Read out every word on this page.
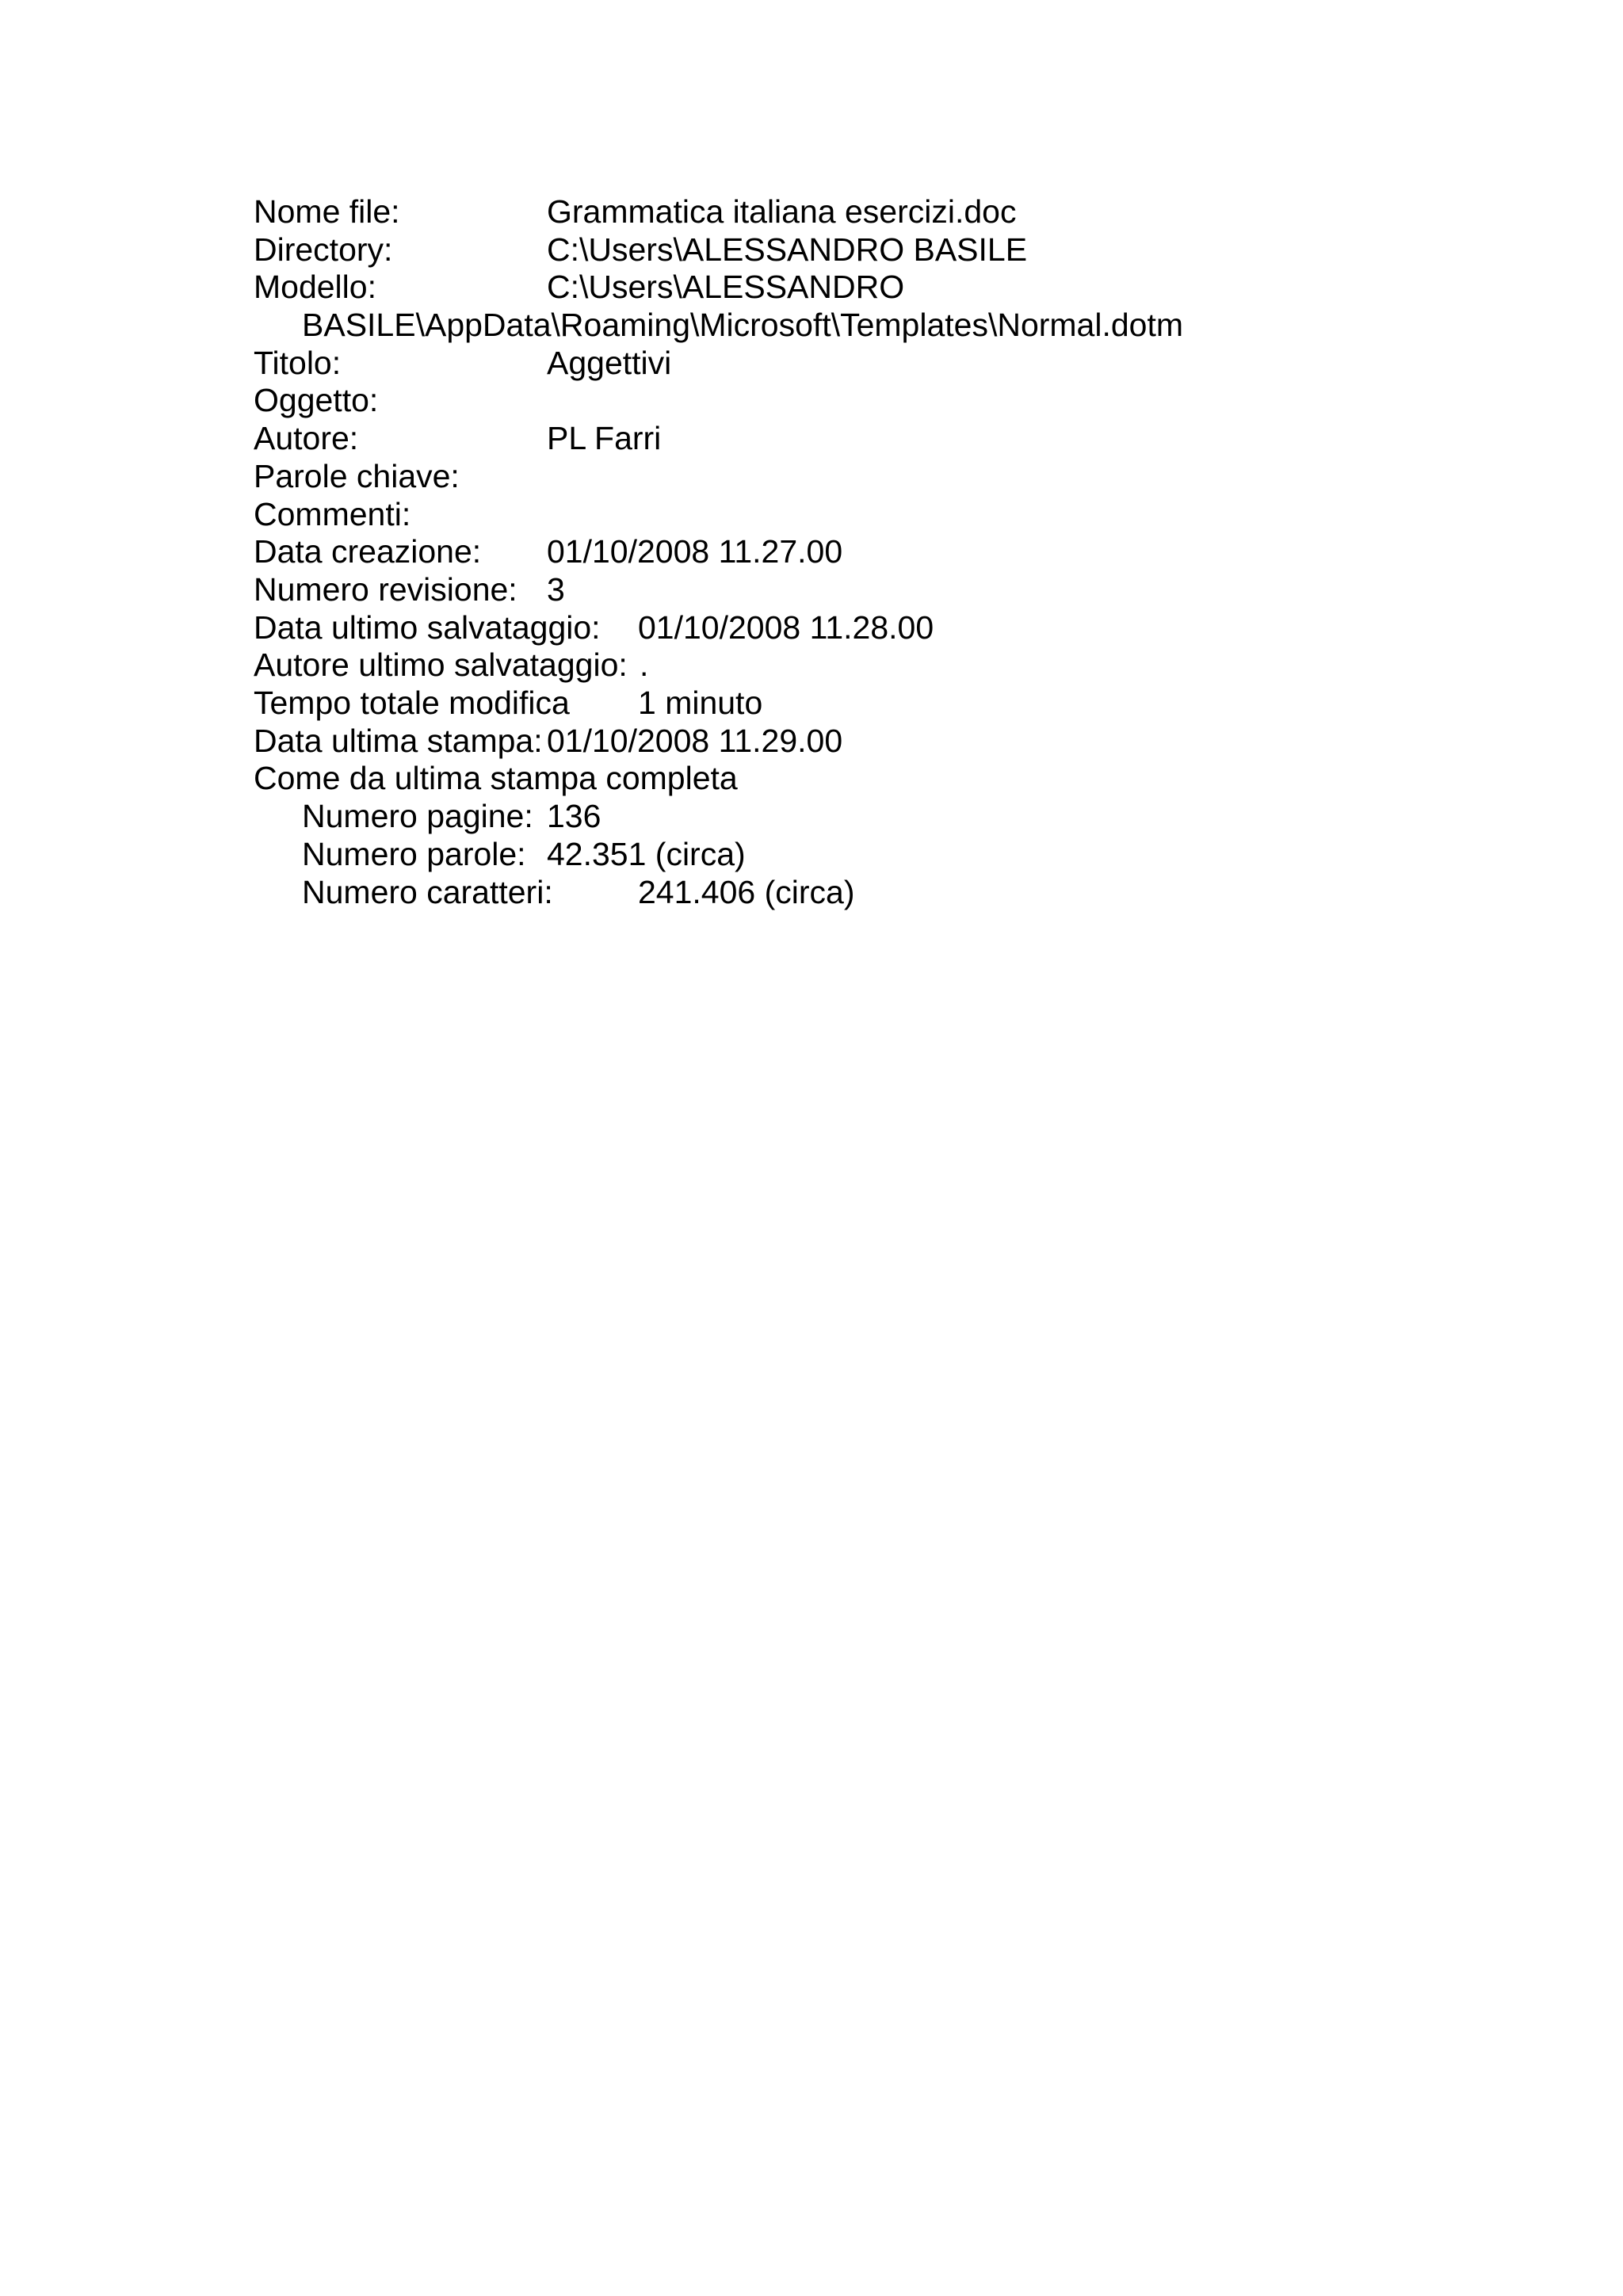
Nome file:	Grammatica italiana esercizi.doc
Directory:	C:\Users\ALESSANDRO BASILE
Modello:	C:\Users\ALESSANDRO
BASILE\AppData\Roaming\Microsoft\Templates\Normal.dotm
Titolo:	Aggettivi
Oggetto:
Autore:	PL Farri
Parole chiave:
Commenti:
Data creazione: 01/10/2008 11.27.00
Numero revisione: 3
Data ultimo salvataggio: 01/10/2008 11.28.00
Autore ultimo salvataggio: .
Tempo totale modifica 1 minuto
Data ultima stampa: 01/10/2008 11.29.00
Come da ultima stampa completa
Numero pagine: 136
Numero parole: 42.351 (circa)
Numero caratteri:	241.406 (circa)
